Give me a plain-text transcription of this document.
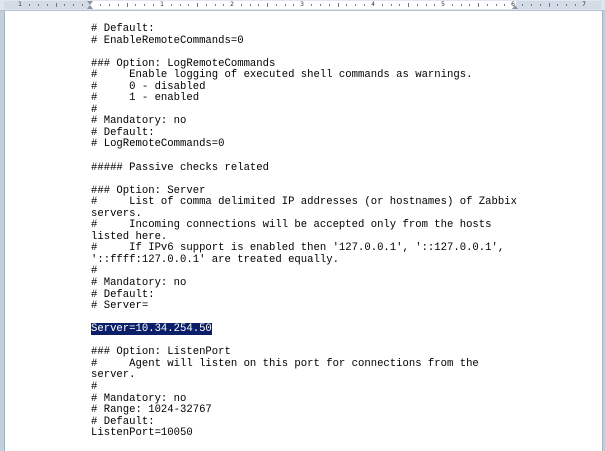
1	1	2	3	4	5	6	7
# Default:
# EnableRemoteCommands=0

### Option: LogRemoteCommands
#     Enable logging of executed shell commands as warnings.
#     0 - disabled
#     1 - enabled
#
# Mandatory: no
# Default:
# LogRemoteCommands=0

##### Passive checks related

### Option: Server
#     List of comma delimited IP addresses (or hostnames) of Zabbix
servers.
#     Incoming connections will be accepted only from the hosts
listed here.
#     If IPv6 support is enabled then '127.0.0.1', '::127.0.0.1',
'::ffff:127.0.0.1' are treated equally.
#
# Mandatory: no
# Default:
# Server=

Server=10.34.254.50

### Option: ListenPort
#     Agent will listen on this port for connections from the
server.
#
# Mandatory: no
# Range: 1024-32767
# Default:
ListenPort=10050
